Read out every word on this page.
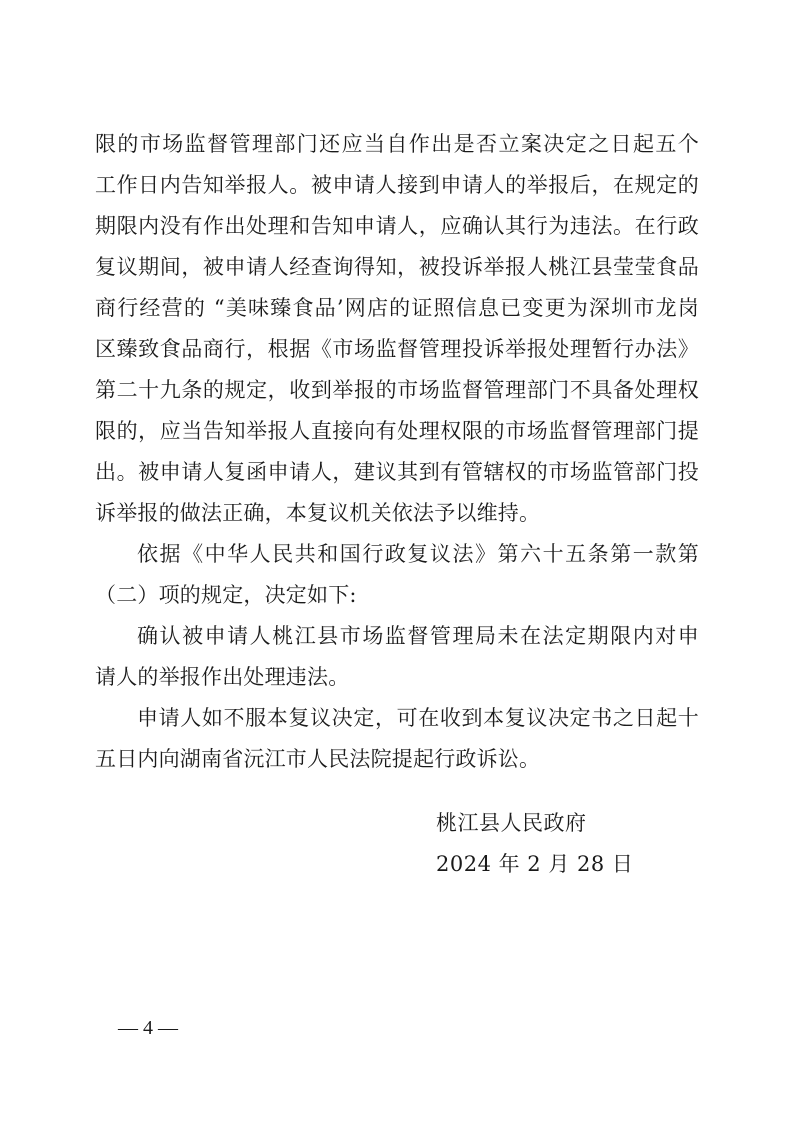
限的市场监督管理部门还应当自作出是否立案决定之日起五个
工作日内告知举报人。被申请人接到申请人的举报后，在规定的
期限内没有作出处理和告知申请人，应确认其行为违法。在行政
复议期间，被申请人经查询得知，被投诉举报人桃江县莹莹食品
商行经营的 “美味臻食品’网店的证照信息已变更为深圳市龙岗
区臻致食品商行，根据《市场监督管理投诉举报处理暂行办法》
第二十九条的规定，收到举报的市场监督管理部门不具备处理权
限的，应当告知举报人直接向有处理权限的市场监督管理部门提
出。被申请人复函申请人，建议其到有管辖权的市场监管部门投
诉举报的做法正确，本复议机关依法予以维持。
依据《中华人民共和国行政复议法》第六十五条第一款第
（二）项的规定，决定如下:
确认被申请人桃江县市场监督管理局未在法定期限内对申
请人的举报作出处理违法。
申请人如不服本复议决定，可在收到本复议决定书之日起十
五日内向湖南省沅江市人民法院提起行政诉讼。
桃江县人民政府
2024 年 2 月 28 日
— 4 —
